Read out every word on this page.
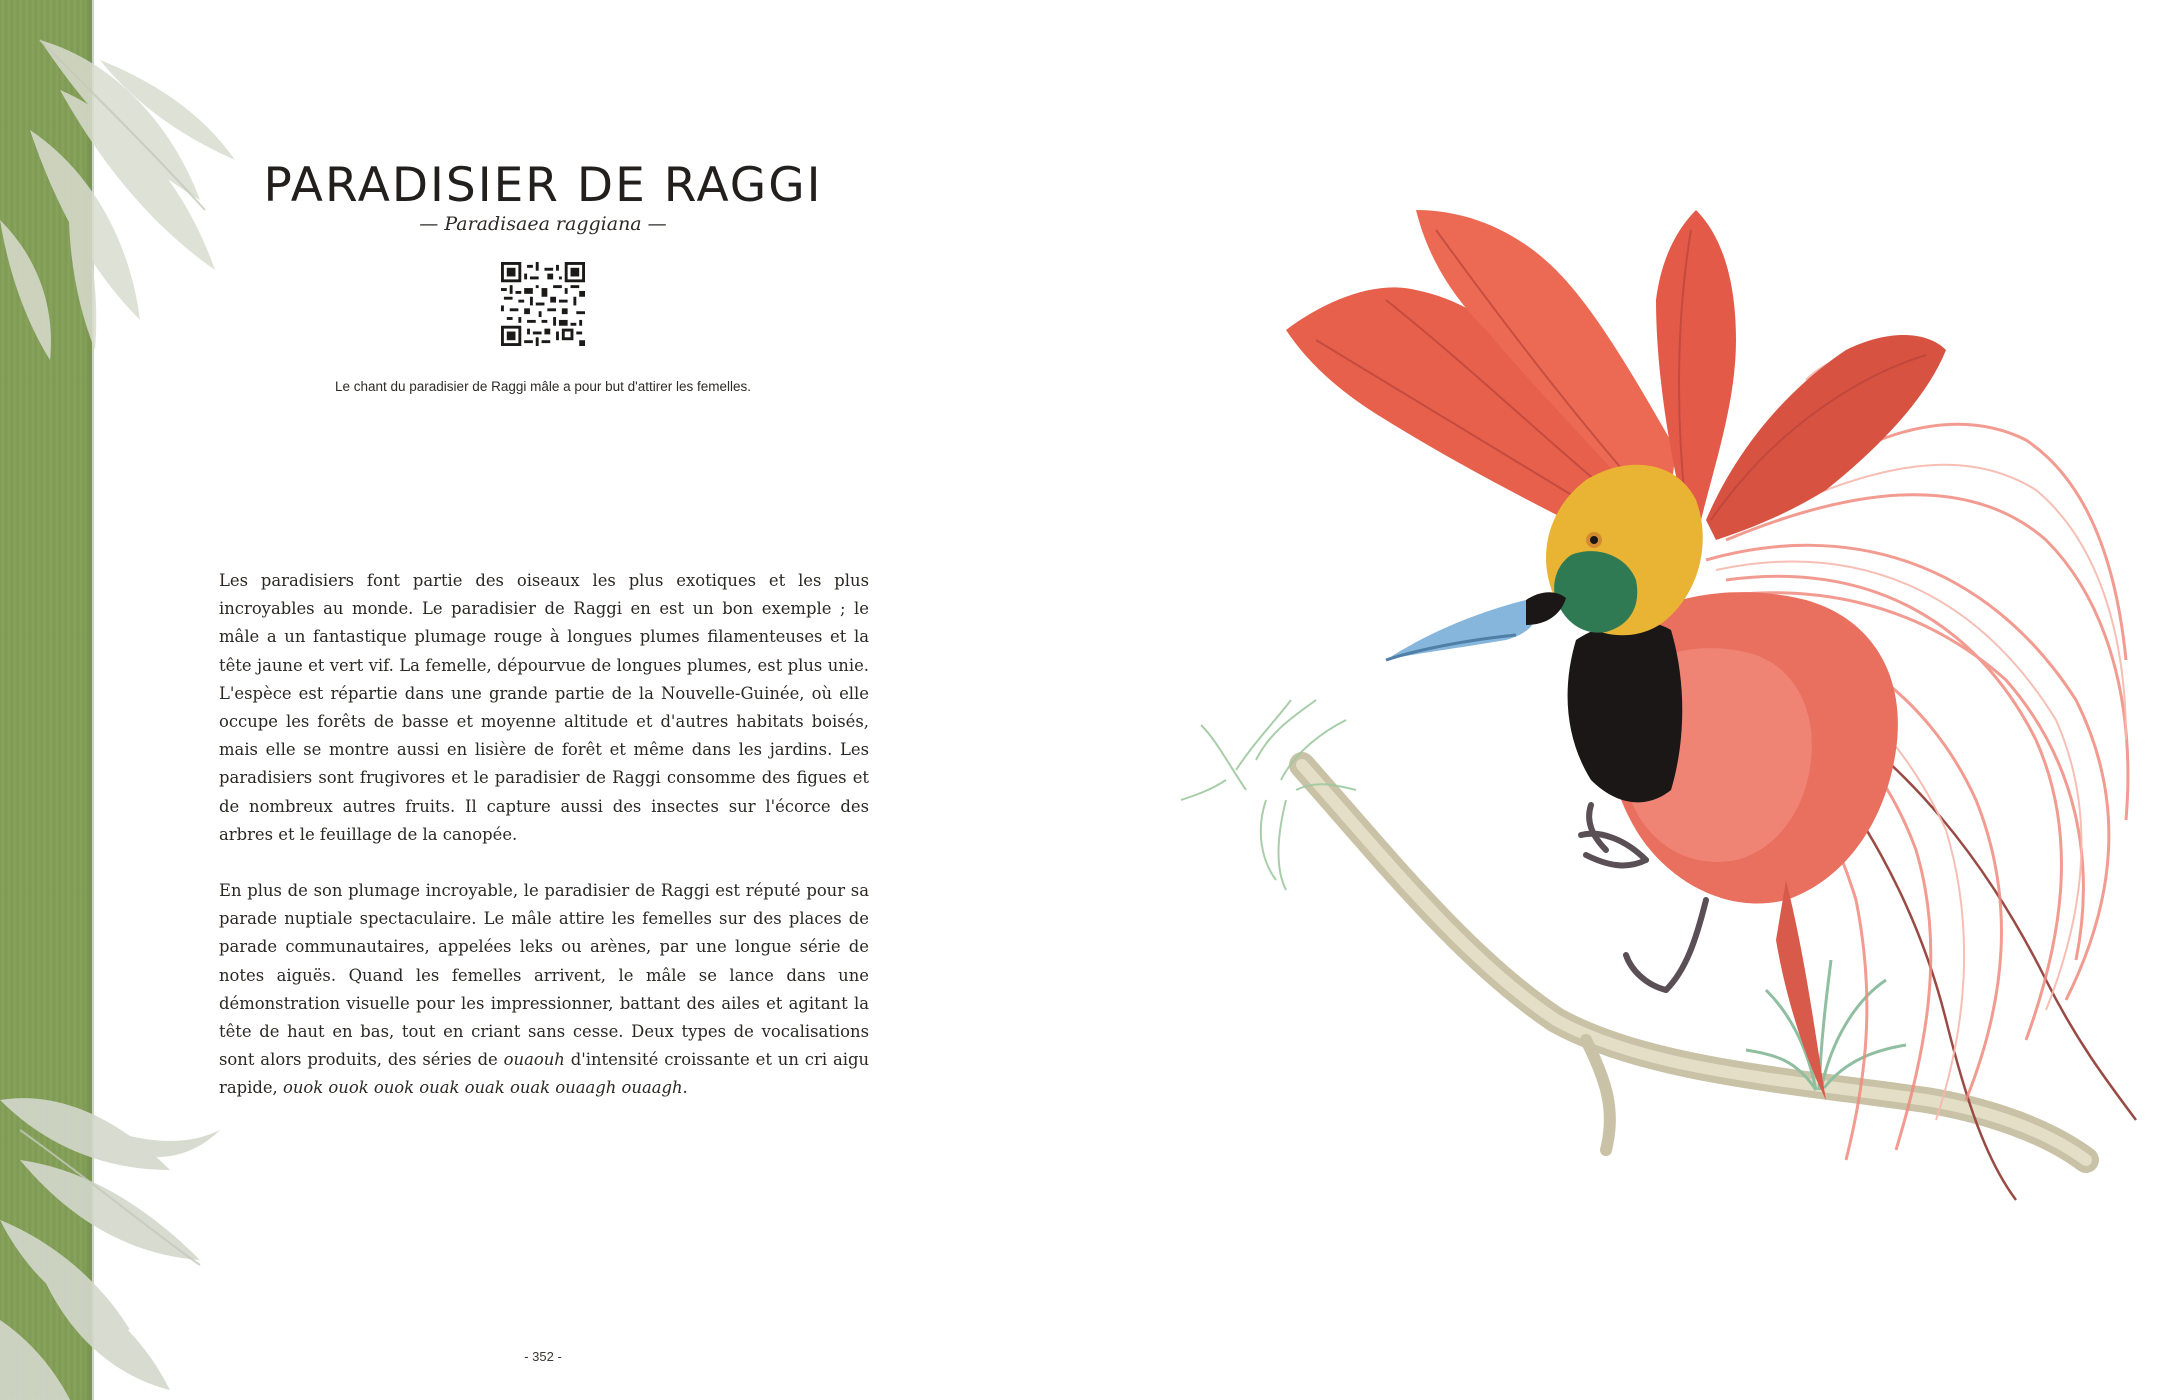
PARADISIER DE RAGGI
— Paradisaea raggiana —
Le chant du paradisier de Raggi mâle a pour but d'attirer les femelles.

Les paradisiers font partie des oiseaux les plus exotiques et les plus incroyables au monde. Le paradisier de Raggi en est un bon exemple ; le mâle a un fantastique plumage rouge à longues plumes filamenteuses et la tête jaune et vert vif. La femelle, dépourvue de longues plumes, est plus unie. L'espèce est répartie dans une grande partie de la Nouvelle-Guinée, où elle occupe les forêts de basse et moyenne altitude et d'autres habitats boisés, mais elle se montre aussi en lisière de forêt et même dans les jardins. Les paradisiers sont frugivores et le paradisier de Raggi consomme des figues et de nombreux autres fruits. Il capture aussi des insectes sur l'écorce des arbres et le feuillage de la canopée.

En plus de son plumage incroyable, le paradisier de Raggi est réputé pour sa parade nuptiale spectaculaire. Le mâle attire les femelles sur des places de parade communautaires, appelées leks ou arènes, par une longue série de notes aiguës. Quand les femelles arrivent, le mâle se lance dans une démonstration visuelle pour les impressionner, battant des ailes et agitant la tête de haut en bas, tout en criant sans cesse. Deux types de vocalisations sont alors produits, des séries de ouaouh d'intensité croissante et un cri aigu rapide, ouok ouok ouok ouak ouak ouak ouaagh ouaagh.

- 352 -
